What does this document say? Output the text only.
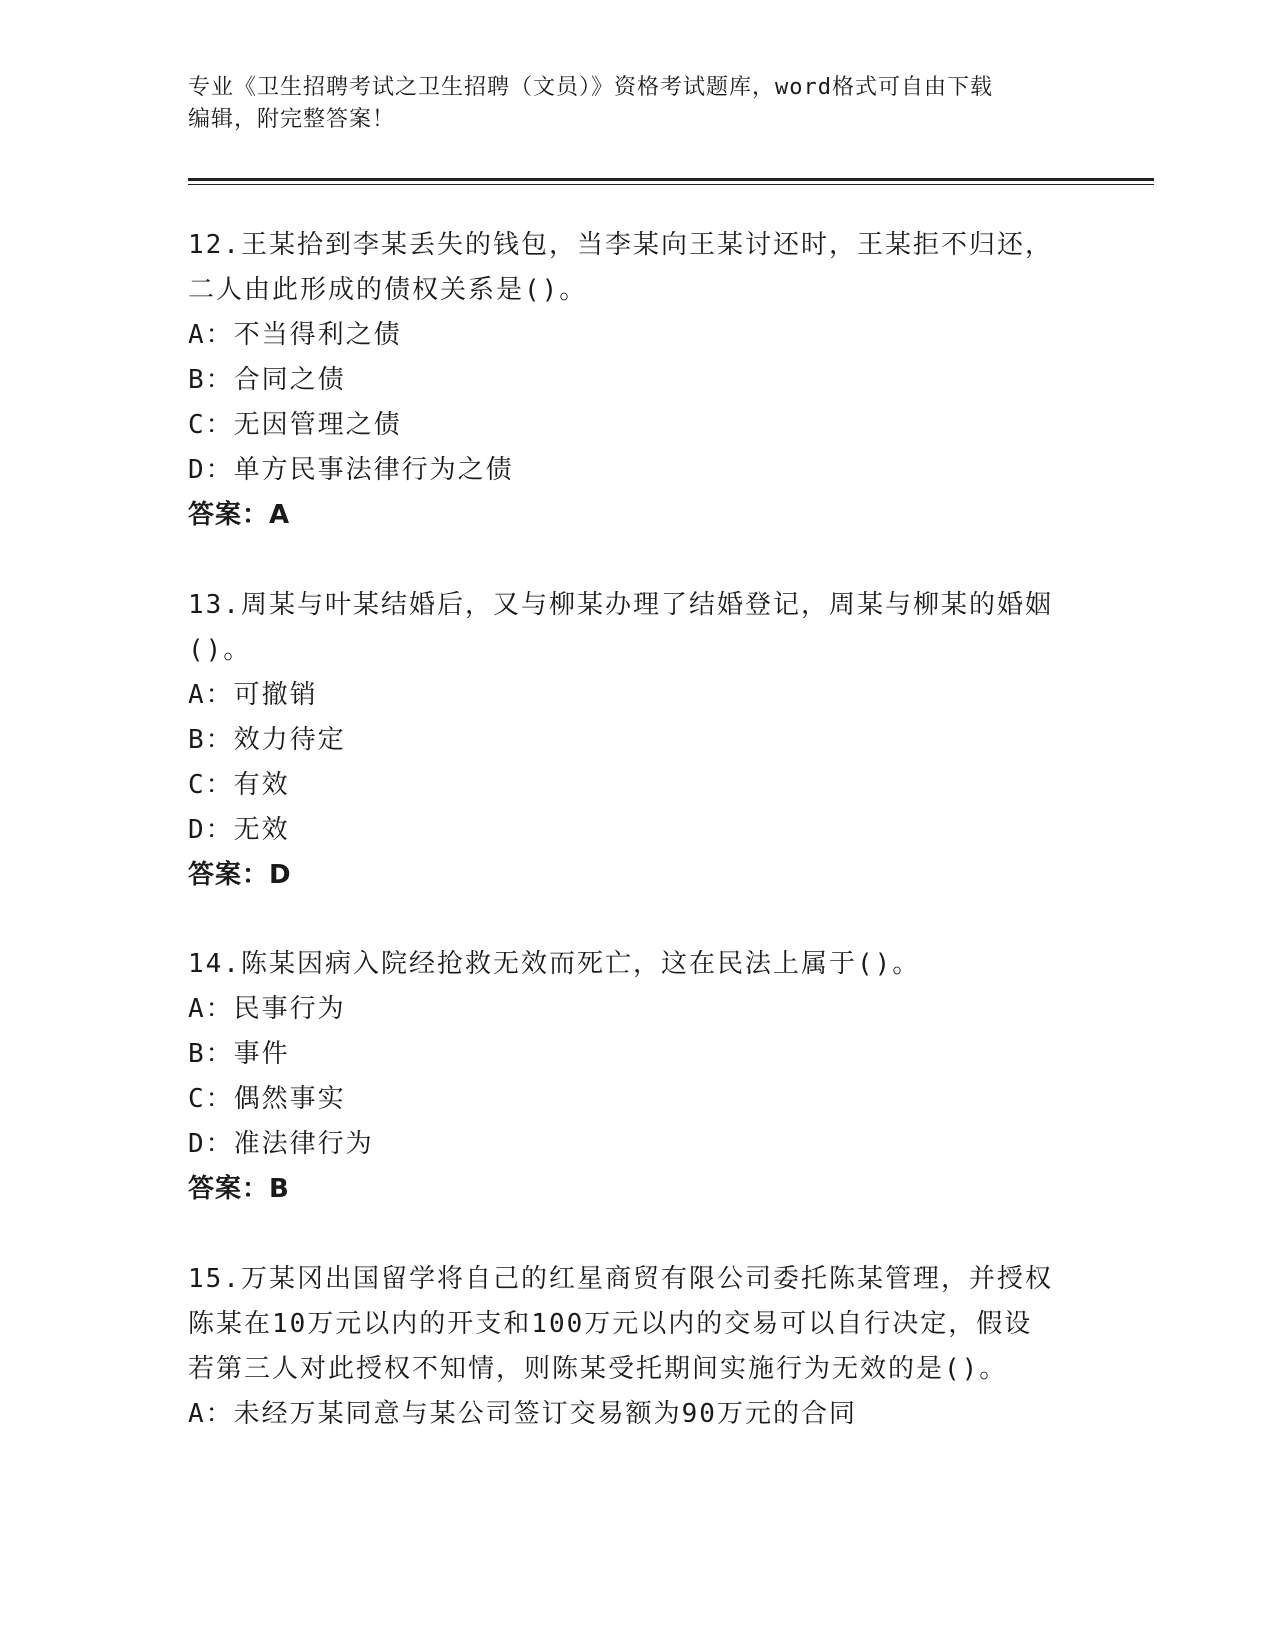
专业《卫生招聘考试之卫生招聘（文员）》资格考试题库，word格式可自由下载
编辑，附完整答案！
12.王某拾到李某丢失的钱包，当李某向王某讨还时，王某拒不归还，
二人由此形成的债权关系是()。
A：不当得利之债
B：合同之债
C：无因管理之债
D：单方民事法律行为之债
答案：A
13.周某与叶某结婚后，又与柳某办理了结婚登记，周某与柳某的婚姻
()。
A：可撤销
B：效力待定
C：有效
D：无效
答案：D
14.陈某因病入院经抢救无效而死亡，这在民法上属于()。
A：民事行为
B：事件
C：偶然事实
D：准法律行为
答案：B
15.万某冈出国留学将自己的红星商贸有限公司委托陈某管理，并授权
陈某在10万元以内的开支和100万元以内的交易可以自行决定，假设
若第三人对此授权不知情，则陈某受托期间实施行为无效的是()。
A：未经万某同意与某公司签订交易额为90万元的合同
